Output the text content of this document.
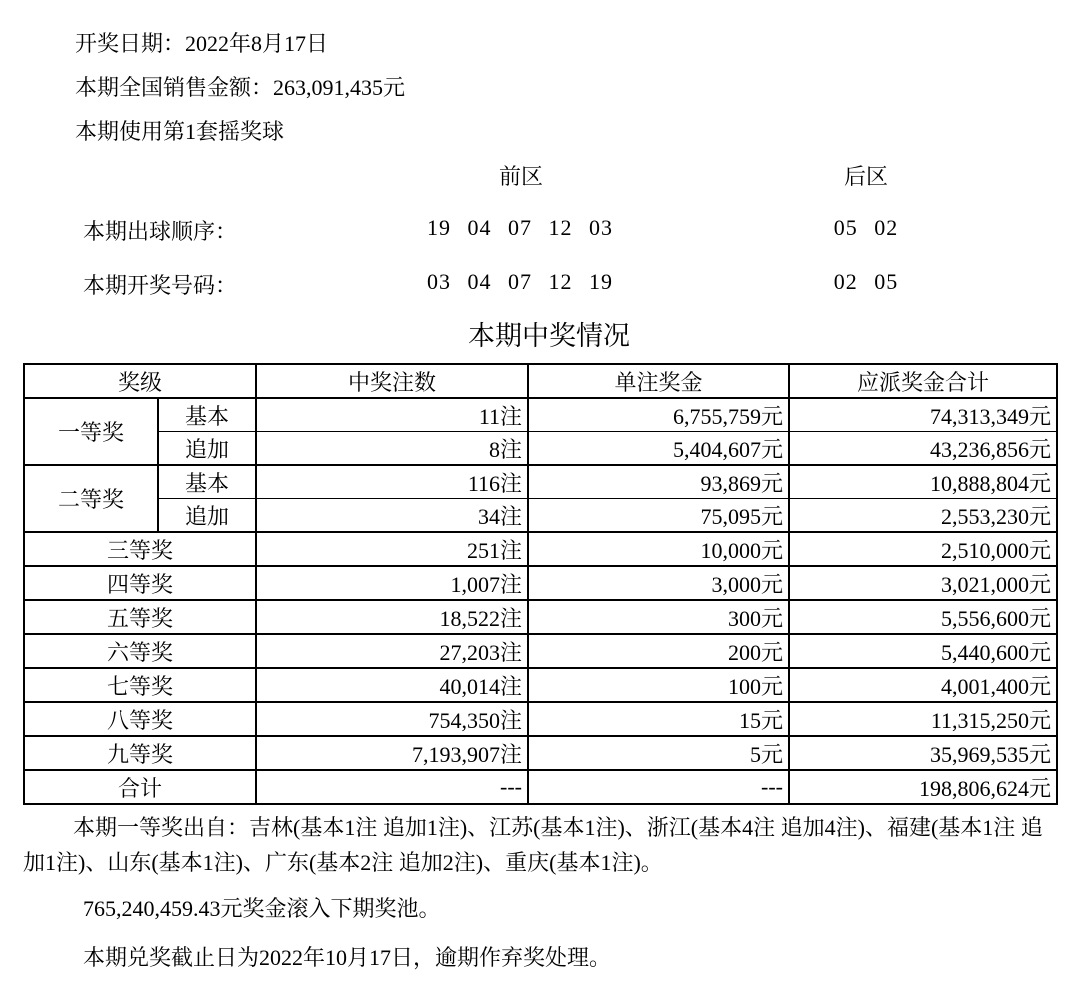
开奖日期：2022年8月17日
本期全国销售金额：263,091,435元
本期使用第1套摇奖球
前区	后区
本期出球顺序：	19 04 07 12 03	05 02
本期开奖号码：	03 04 07 12 19	02 05
本期中奖情况
奖级		中奖注数	单注奖金	应派奖金合计
一等奖	基本	11注	6,755,759元	74,313,349元
	追加	8注	5,404,607元	43,236,856元
二等奖	基本	116注	93,869元	10,888,804元
	追加	34注	75,095元	2,553,230元
三等奖		251注	10,000元	2,510,000元
四等奖		1,007注	3,000元	3,021,000元
五等奖		18,522注	300元	5,556,600元
六等奖		27,203注	200元	5,440,600元
七等奖		40,014注	100元	4,001,400元
八等奖		754,350注	15元	11,315,250元
九等奖		7,193,907注	5元	35,969,535元
合计		---	---	198,806,624元
本期一等奖出自：吉林(基本1注 追加1注)、江苏(基本1注)、浙江(基本4注 追加4注)、福建(基本1注 追加1注)、山东(基本1注)、广东(基本2注 追加2注)、重庆(基本1注)。
765,240,459.43元奖金滚入下期奖池。
本期兑奖截止日为2022年10月17日，逾期作弃奖处理。
